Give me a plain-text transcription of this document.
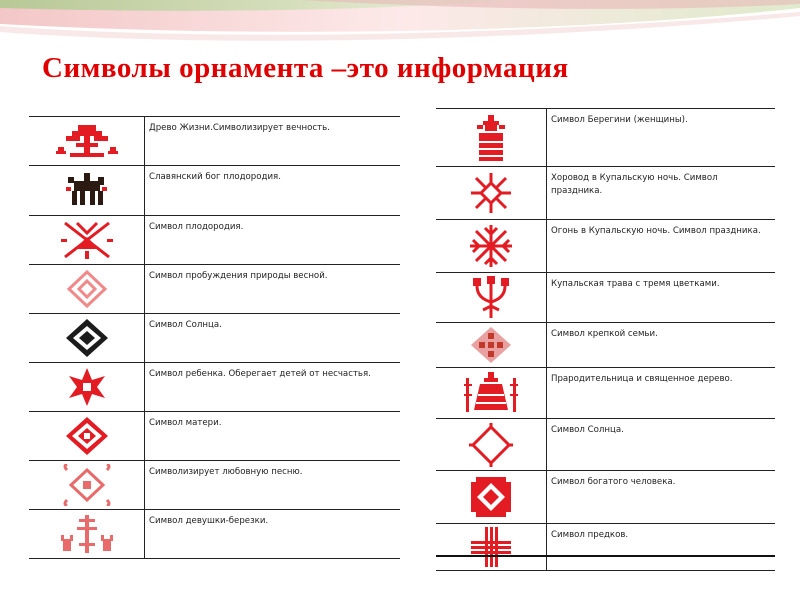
Символы орнамента –это информация
	Древо Жизни.Символизирует вечность.

	Славянский бог плодородия.

	Символ плодородия.

	Символ пробуждения природы весной.

	Символ Солнца.

	Символ ребенка. Оберегает детей от несчастья.

	Символ матери.

	Символизирует любовную песню.

	Символ девушки-березки.
	Символ Берегини (женщины).

	Хоровод в Купальскую ночь. Символ праздника.

	Огонь в Купальскую ночь. Символ праздника.

	Купальская трава с тремя цветками.

	Символ крепкой семьи.

	Прародительница и священное дерево.

	Символ Солнца.

	Символ богатого человека.

	Символ предков.
